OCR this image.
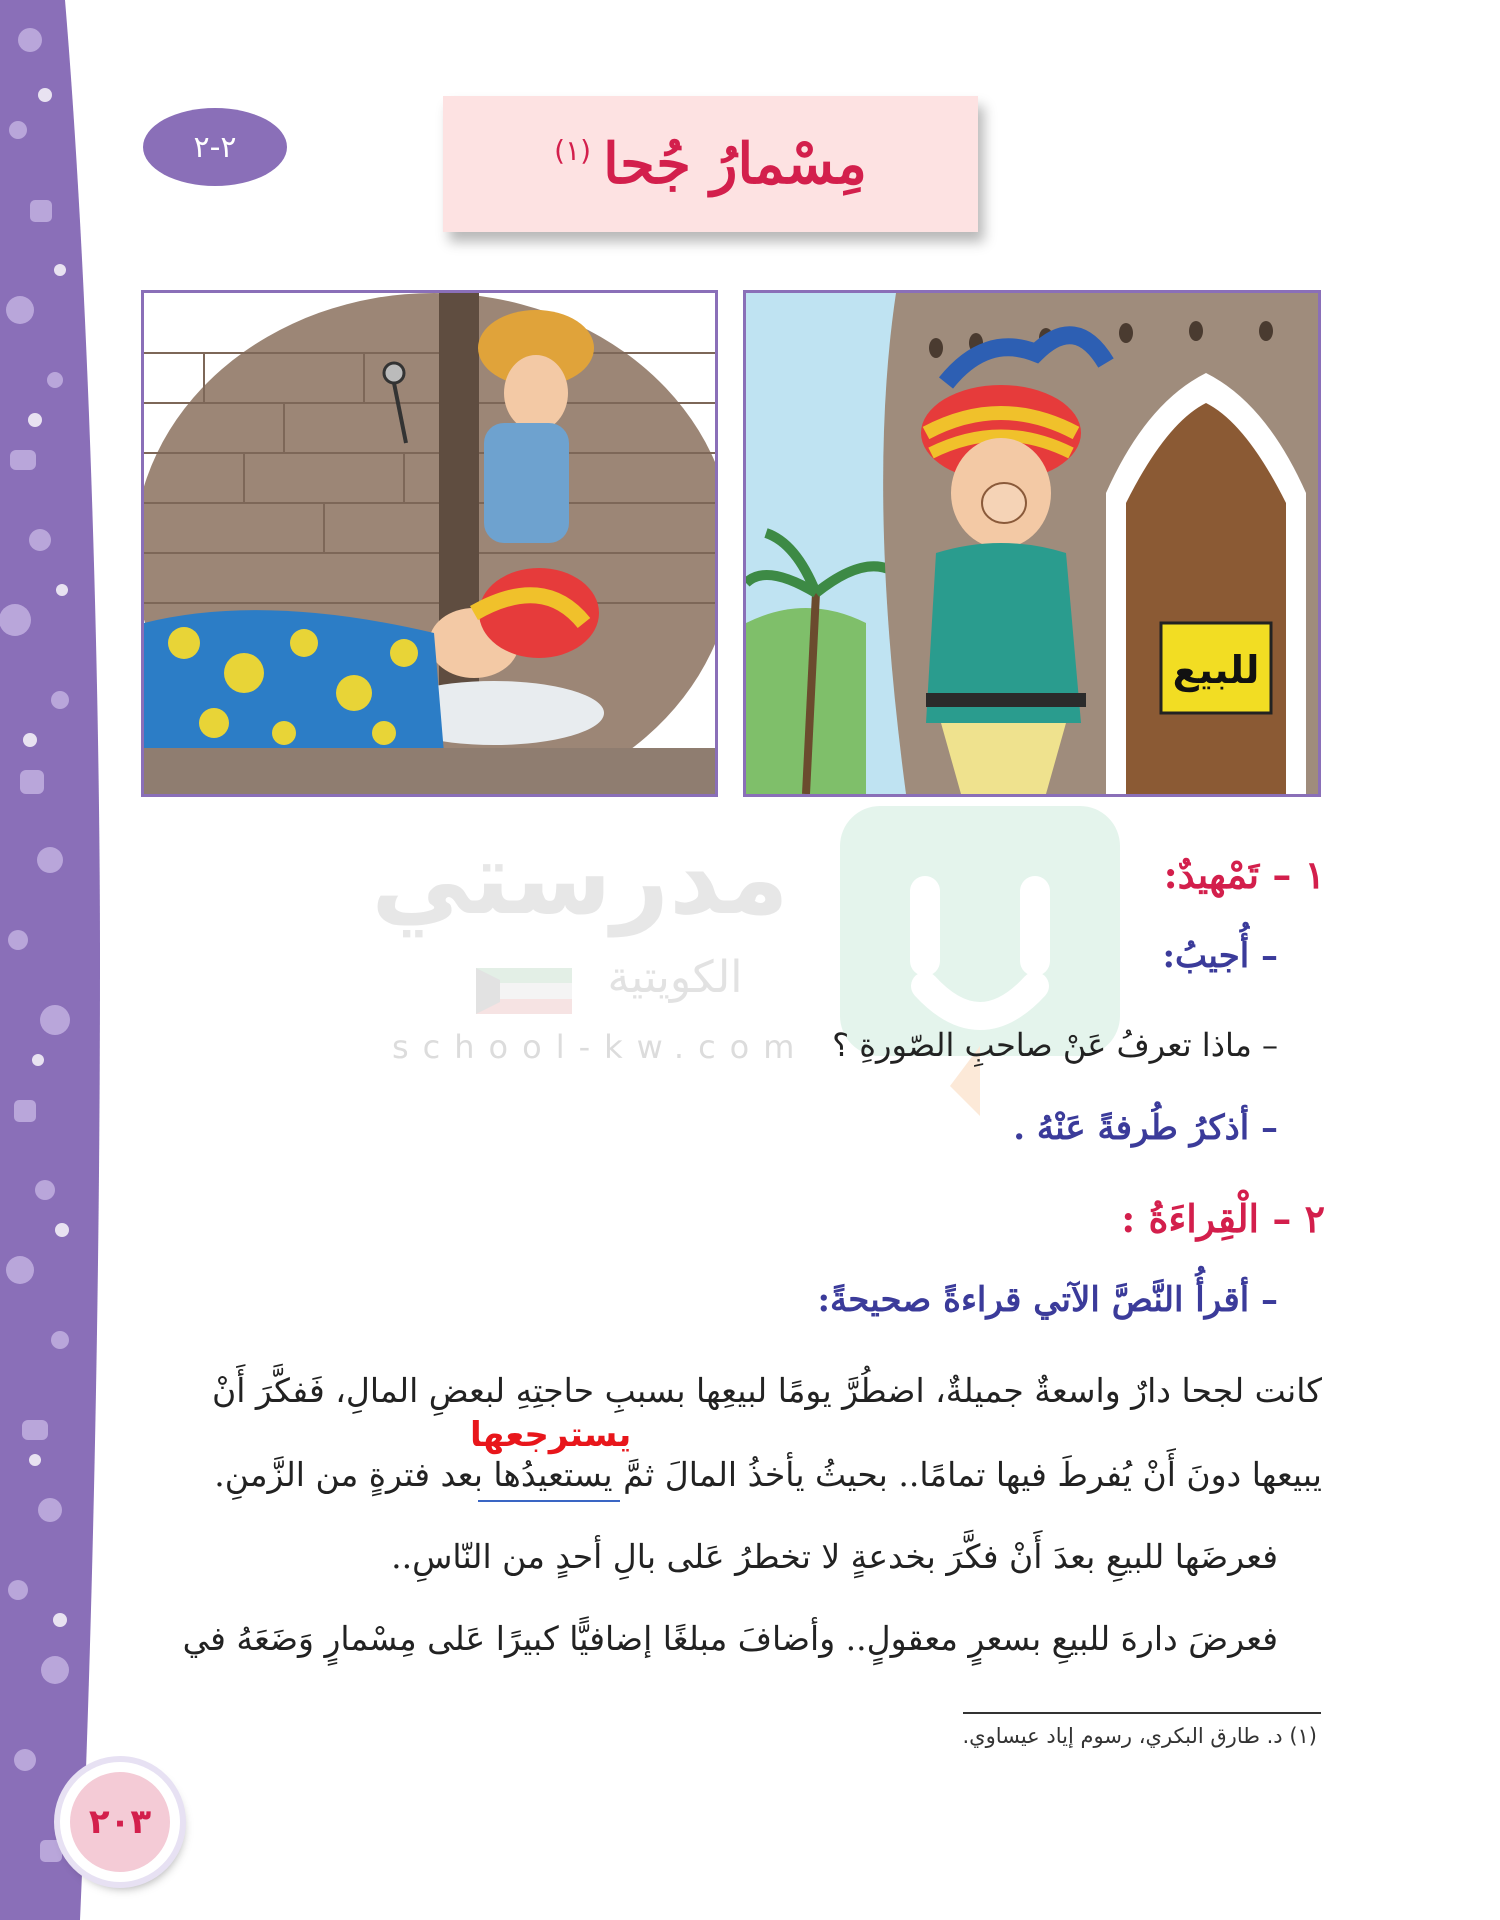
٢-٢	مِسْمارُ جُحا
(١)
للبيع
مدرستي
الكويتية
school-kw.com
١ – تَمْهيدٌ:
– أُجيبُ:
– ماذا تعرفُ عَنْ صاحبِ الصّورةِ ؟
– أذكرُ طُرفةً عَنْهُ .
٢ – الْقِراءَةُ :
– أقرأُ النَّصَّ الآتي قراءةً صحيحةً:
كانت لجحا دارٌ واسعةٌ جميلةٌ، اضطُرَّ يومًا لبيعِها بسببِ حاجتِهِ لبعضِ المالِ، فَفكَّرَ أَنْ
يسترجعها
يبيعها دونَ أَنْ يُفرطَ فيها تمامًا.. بحيثُ يأخذُ المالَ ثمَّ يستعيدُها بعد فترةٍ من الزَّمنِ.
فعرضَها للبيعِ بعدَ أَنْ فكَّرَ بخدعةٍ لا تخطرُ عَلى بالِ أحدٍ من النّاسِ..
فعرضَ دارهَ للبيعِ بسعرٍ معقولٍ.. وأضافَ مبلغًا إضافيًّا كبيرًا عَلى مِسْمارٍ وَضَعَهُ في
(١) د. طارق البكري، رسوم إياد عيساوي.
٢٠٣
